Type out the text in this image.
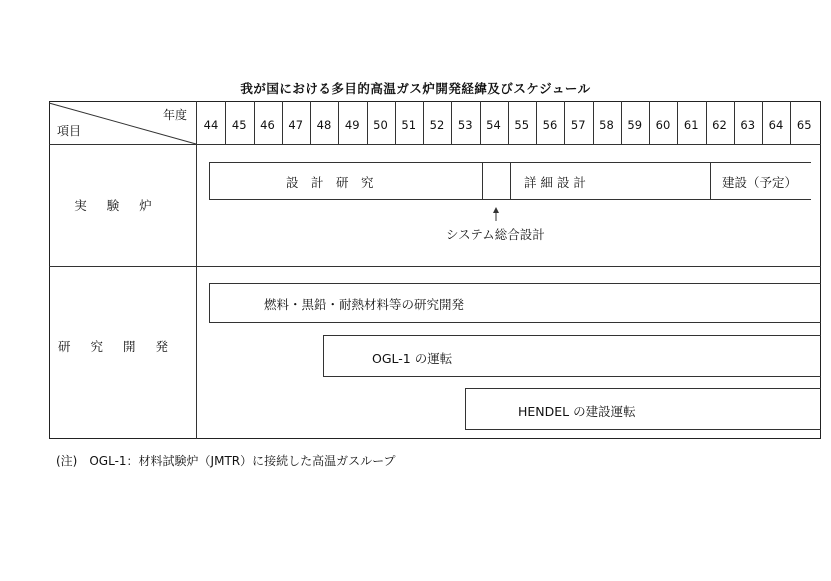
我が国における多目的高温ガス炉開発経緯及びスケジュール
年度
項目	44	45	46	47	48	49	50	51	52	53	54	55	56	57	58	59	60	61	62	63	64	65
実験炉
設　計　研　究	詳 細 設 計	建設（予定）
システム総合設計
研究開発
燃料・黒鉛・耐熱材料等の研究開発
OGL-1 の運転
HENDEL の建設運転
(注)　OGL-1：材料試験炉（JMTR）に接続した高温ガスループ
